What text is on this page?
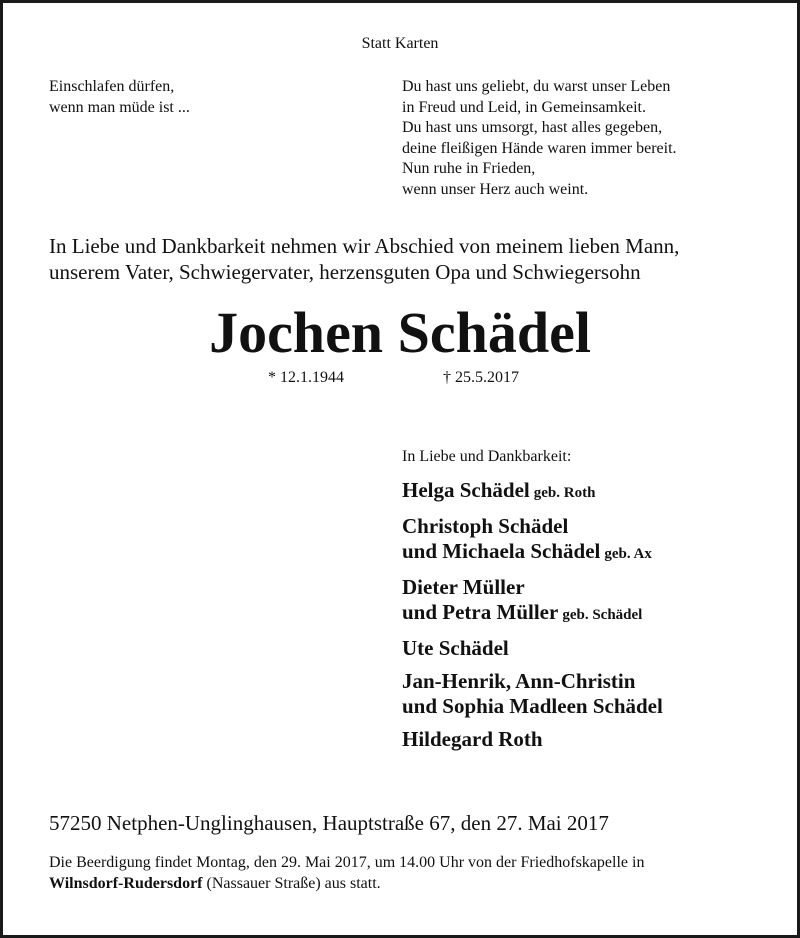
Statt Karten
Einschlafen dürfen,
wenn man müde ist ...
Du hast uns geliebt, du warst unser Leben
in Freud und Leid, in Gemeinsamkeit.
Du hast uns umsorgt, hast alles gegeben,
deine fleißigen Hände waren immer bereit.
Nun ruhe in Frieden,
wenn unser Herz auch weint.
In Liebe und Dankbarkeit nehmen wir Abschied von meinem lieben Mann,
unserem Vater, Schwiegervater, herzensguten Opa und Schwiegersohn
Jochen Schädel
* 12.1.1944	† 25.5.2017
In Liebe und Dankbarkeit:
Helga Schädel geb. Roth
Christoph Schädel
und Michaela Schädel geb. Ax
Dieter Müller
und Petra Müller geb. Schädel
Ute Schädel
Jan-Henrik, Ann-Christin
und Sophia Madleen Schädel
Hildegard Roth
57250 Netphen-Unglinghausen, Hauptstraße 67, den 27. Mai 2017
Die Beerdigung findet Montag, den 29. Mai 2017, um 14.00 Uhr von der Friedhofskapelle in
Wilnsdorf-Rudersdorf (Nassauer Straße) aus statt.
